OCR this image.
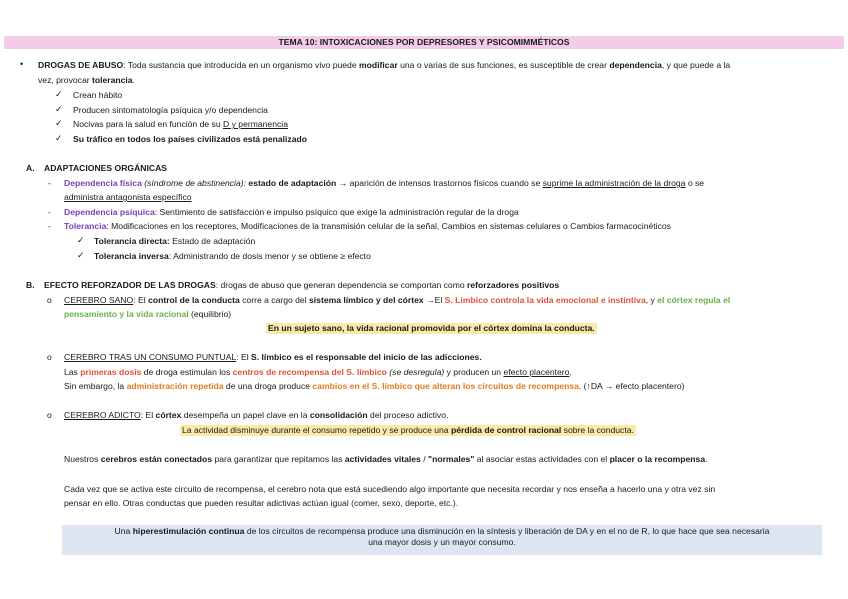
TEMA 10: INTOXICACIONES POR DEPRESORES Y PSICOMIMMÉTICOS
• DROGAS DE ABUSO: Toda sustancia que introducida en un organismo vivo puede modificar una o varias de sus funciones, es susceptible de crear dependencia, y que puede a la
vez, provocar tolerancia.
✓ Crean hábito
✓ Producen sintomatología psíquica y/o dependencia
✓ Nocivas para la salud en función de su D y permanencia
✓ Su tráfico en todos los países civilizados está penalizado
A. ADAPTACIONES ORGÁNICAS
- Dependencia física (síndrome de abstinencia): estado de adaptación → aparición de intensos trastornos físicos cuando se suprime la administración de la droga o se
administra antagonista específico
- Dependencia psíquica: Sentimiento de satisfacción e impulso psíquico que exige la administración regular de la droga
- Tolerancia: Modificaciones en los receptores, Modificaciones de la transmisión celular de la señal, Cambios en sistemas celulares o Cambios farmacocinéticos
✓ Tolerancia directa: Estado de adaptación
✓ Tolerancia inversa: Administrando de dosis menor y se obtiene ≥ efecto
B. EFECTO REFORZADOR DE LAS DROGAS: drogas de abuso que generan dependencia se comportan como reforzadores positivos
o CEREBRO SANO: El control de la conducta corre a cargo del sistema límbico y del córtex →El S. Límbico controla la vida emocional e instintiva, y el córtex regula el
pensamiento y la vida racional (equilibrio)
En un sujeto sano, la vida racional promovida por el córtex domina la conducta.
o CEREBRO TRAS UN CONSUMO PUNTUAL: El S. límbico es el responsable del inicio de las adicciones.
Las primeras dosis de droga estimulan los centros de recompensa del S. límbico (se desregula) y producen un efecto placentero.
Sin embargo, la administración repetida de una droga produce cambios en el S. límbico que alteran los circuitos de recompensa. (↑DA → efecto placentero)
o CEREBRO ADICTO: El córtex desempeña un papel clave en la consolidación del proceso adictivo.
La actividad disminuye durante el consumo repetido y se produce una pérdida de control racional sobre la conducta.
Nuestros cerebros están conectados para garantizar que repitamos las actividades vitales / "normales" al asociar estas actividades con el placer o la recompensa.
Cada vez que se activa este circuito de recompensa, el cerebro nota que está sucediendo algo importante que necesita recordar y nos enseña a hacerlo una y otra vez sin
pensar en ello. Otras conductas que pueden resultar adictivas actúan igual (comer, sexo, deporte, etc.).
Una hiperestimulación continua de los circuitos de recompensa produce una disminución en la síntesis y liberación de DA y en el no de R, lo que hace que sea necesaria
una mayor dosis y un mayor consumo.
